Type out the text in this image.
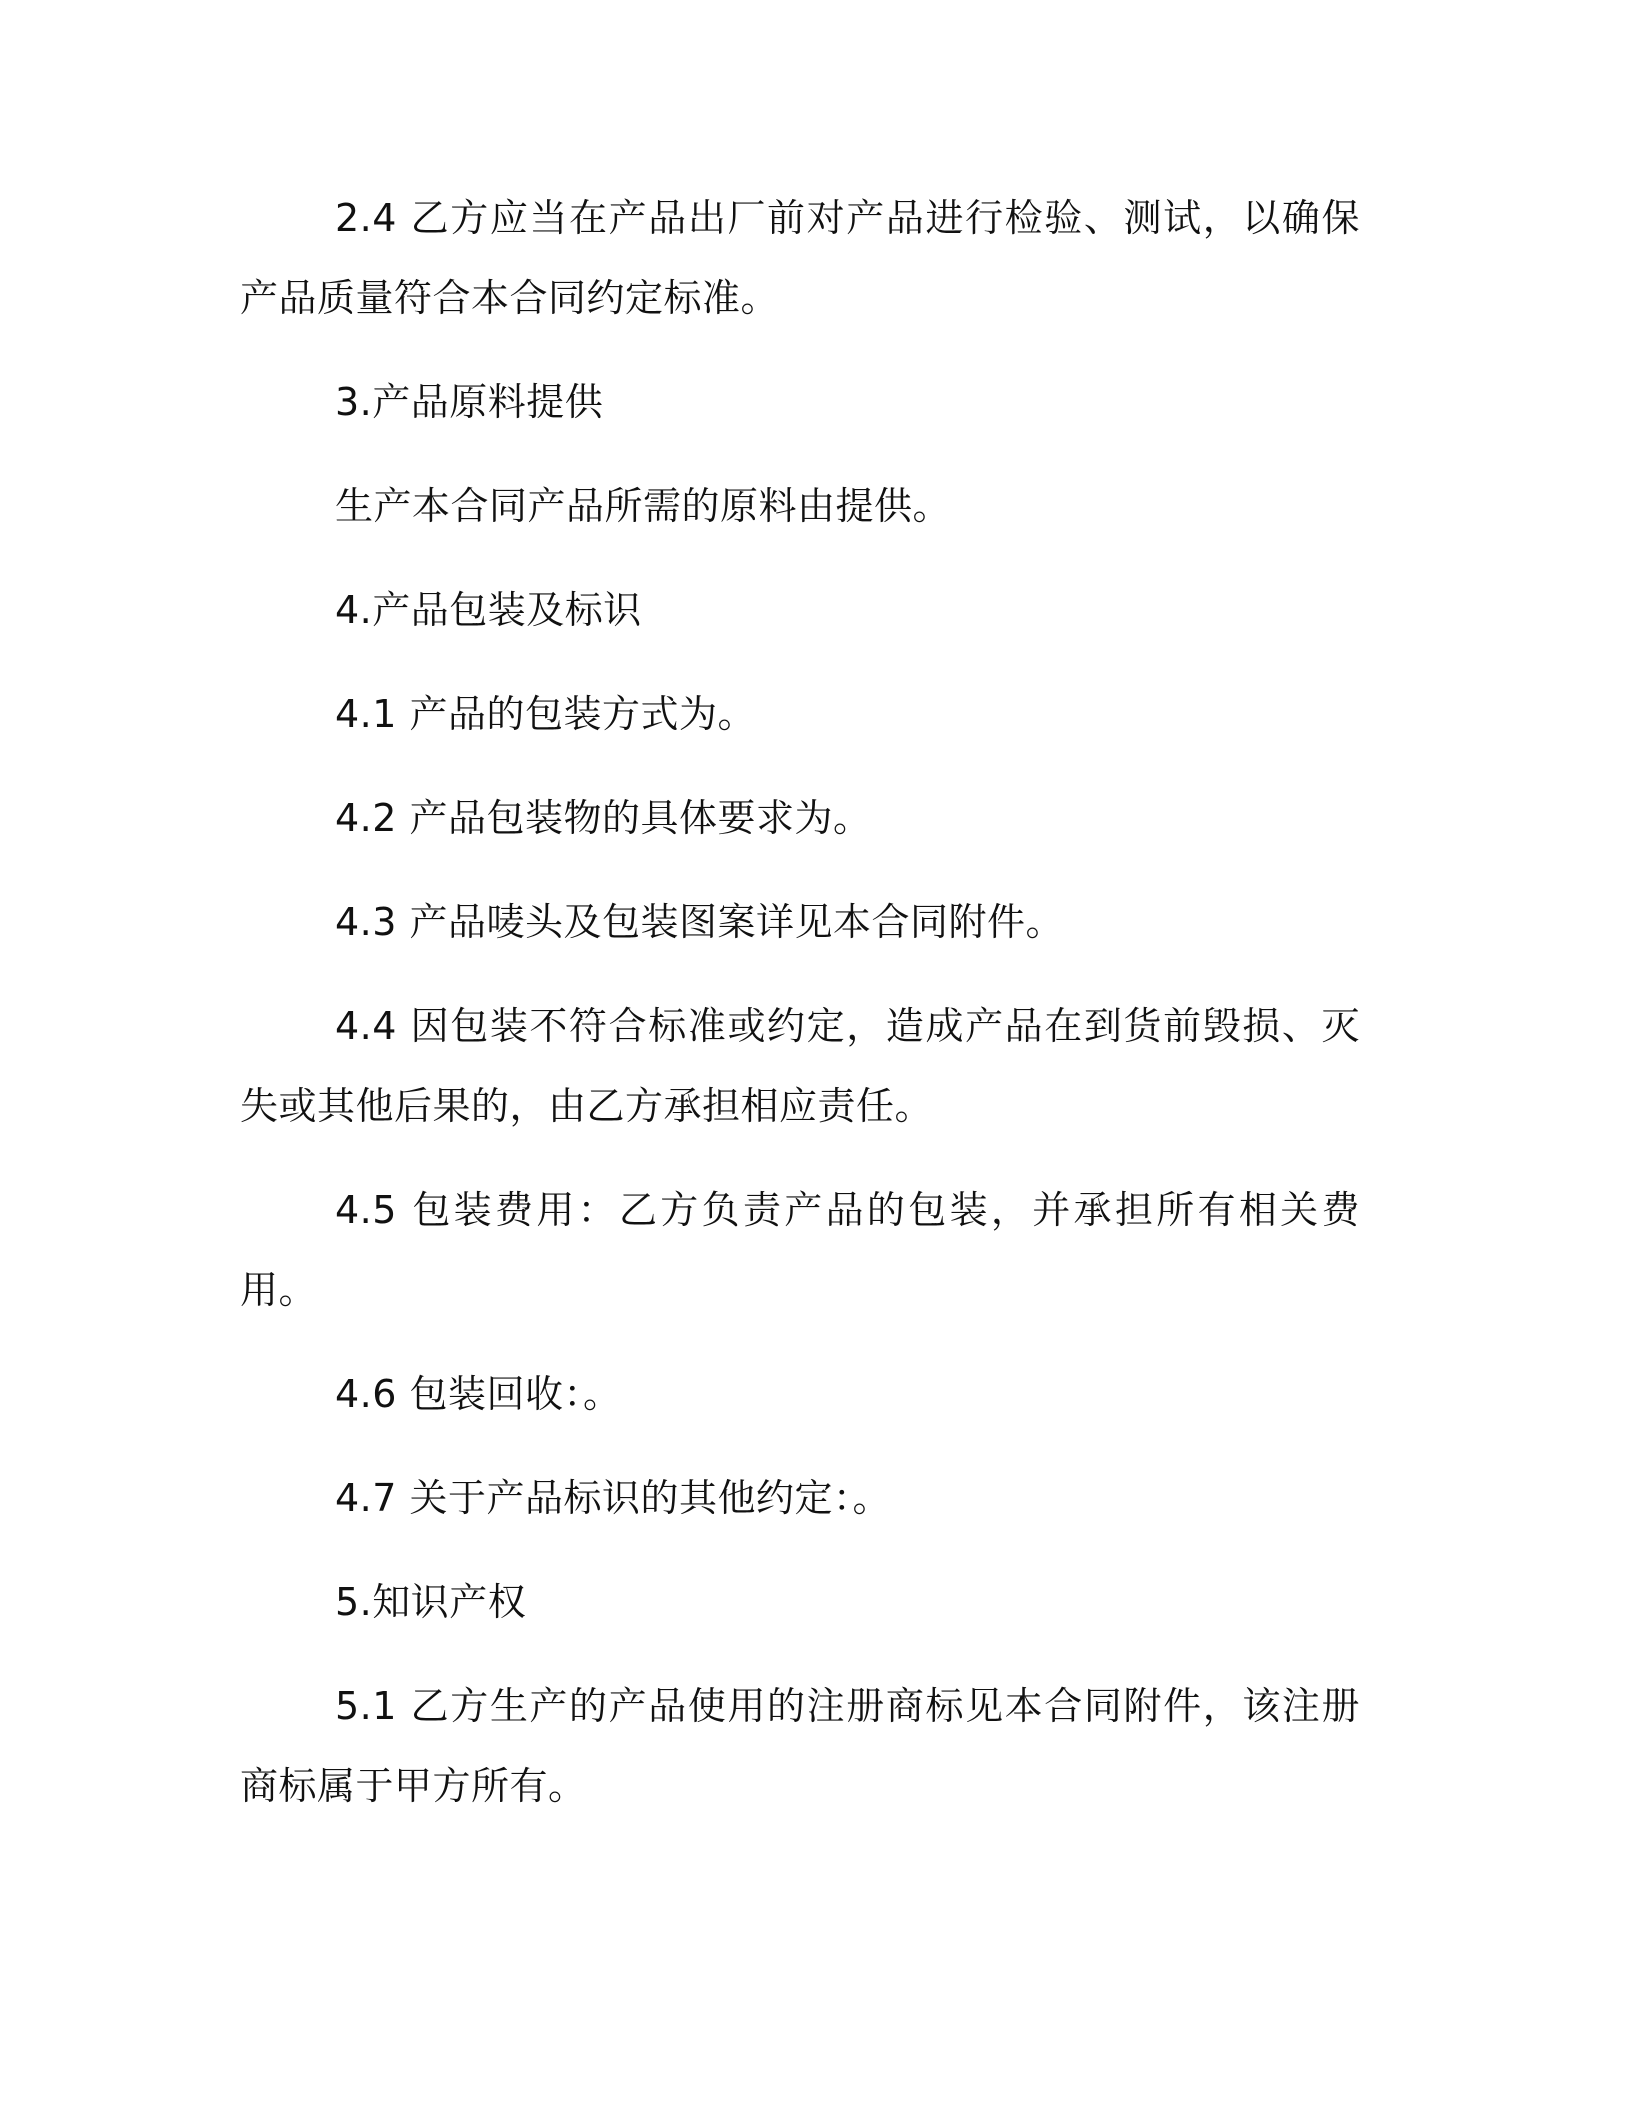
2.4 乙方应当在产品出厂前对产品进行检验、测试，以确保产品质量符合本合同约定标准。

3.产品原料提供

生产本合同产品所需的原料由提供。

4.产品包装及标识

4.1 产品的包装方式为。

4.2 产品包装物的具体要求为。

4.3 产品唛头及包装图案详见本合同附件。

4.4 因包装不符合标准或约定，造成产品在到货前毁损、灭失或其他后果的，由乙方承担相应责任。

4.5 包装费用：乙方负责产品的包装，并承担所有相关费用。

4.6 包装回收：。

4.7 关于产品标识的其他约定：。

5.知识产权

5.1 乙方生产的产品使用的注册商标见本合同附件，该注册商标属于甲方所有。
